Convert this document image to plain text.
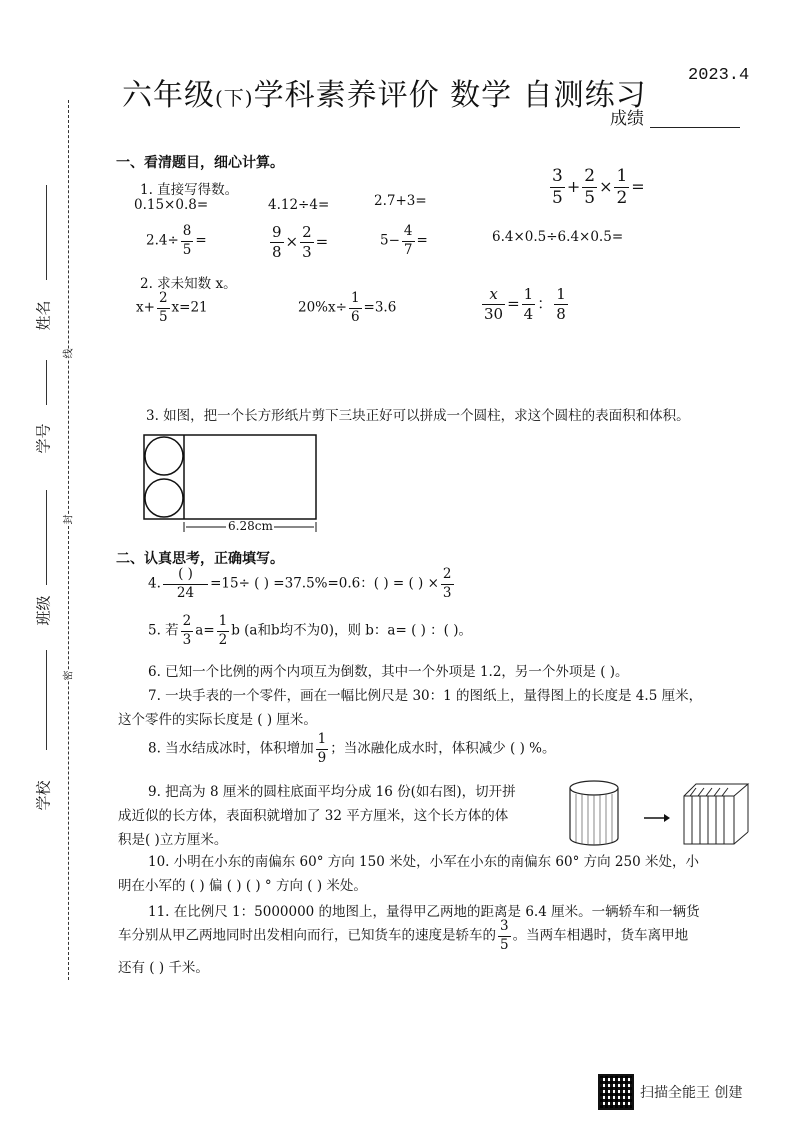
六年级(下)学科素养评价 数学 自测练习
2023.4
成绩
姓名
学号
班级
学校
线
封
密
一、看清题目，细心计算。
1. 直接写得数。
0.15×0.8=	4.12÷4=	2.7+3=	$\frac{3}{5} + \frac{2}{5} \times \frac{1}{2}$ =
$2.4\div \frac{8}{5}$ =	$\frac{9}{8} \times \frac{2}{3}$ =	$5- \frac{4}{7}$ =	6.4×0.5÷6.4×0.5=
2. 求未知数 x。
$x+ \frac{2}{5} x=21$	$20\%x\div \frac{1}{6} =3.6$	$\frac{x}{30} = \frac{1}{4}$ ： $\frac{1}{8}$
3. 如图，把一个长方形纸片剪下三块正好可以拼成一个圆柱，求这个圆柱的表面积和体积。
6.28cm
二、认真思考，正确填写。
4. $\frac{( )}{24} =15\div$ ( ) =37.5%=0.6：( ) = ( ) × $\frac{2}{3}$
5. 若 $\frac{2}{3} a= \frac{1}{2}$ b (a和b均不为0)，则 b：a= ( ) ：( )。
6. 已知一个比例的两个内项互为倒数，其中一个外项是 1.2，另一个外项是 ( )。
7. 一块手表的一个零件，画在一幅比例尺是 30：1 的图纸上，量得图上的长度是 4.5 厘米，
这个零件的实际长度是 ( ) 厘米。
8. 当水结成冰时，体积增加 $\frac{1}{9}$ ；当冰融化成水时，体积减少 ( ) %。
9. 把高为 8 厘米的圆柱底面平均分成 16 份(如右图)，切开拼
成近似的长方体，表面积就增加了 32 平方厘米，这个长方体的体
积是( )立方厘米。
10. 小明在小东的南偏东 60° 方向 150 米处，小军在小东的南偏东 60° 方向 250 米处，小
明在小军的 ( ) 偏 ( ) ( ) ° 方向 ( ) 米处。
11. 在比例尺 1：5000000 的地图上，量得甲乙两地的距离是 6.4 厘米。一辆轿车和一辆货
车分别从甲乙两地同时出发相向而行，已知货车的速度是轿车的 $\frac{3}{5}$ 。当两车相遇时，货车离甲地
还有 ( ) 千米。
扫描全能王 创建
